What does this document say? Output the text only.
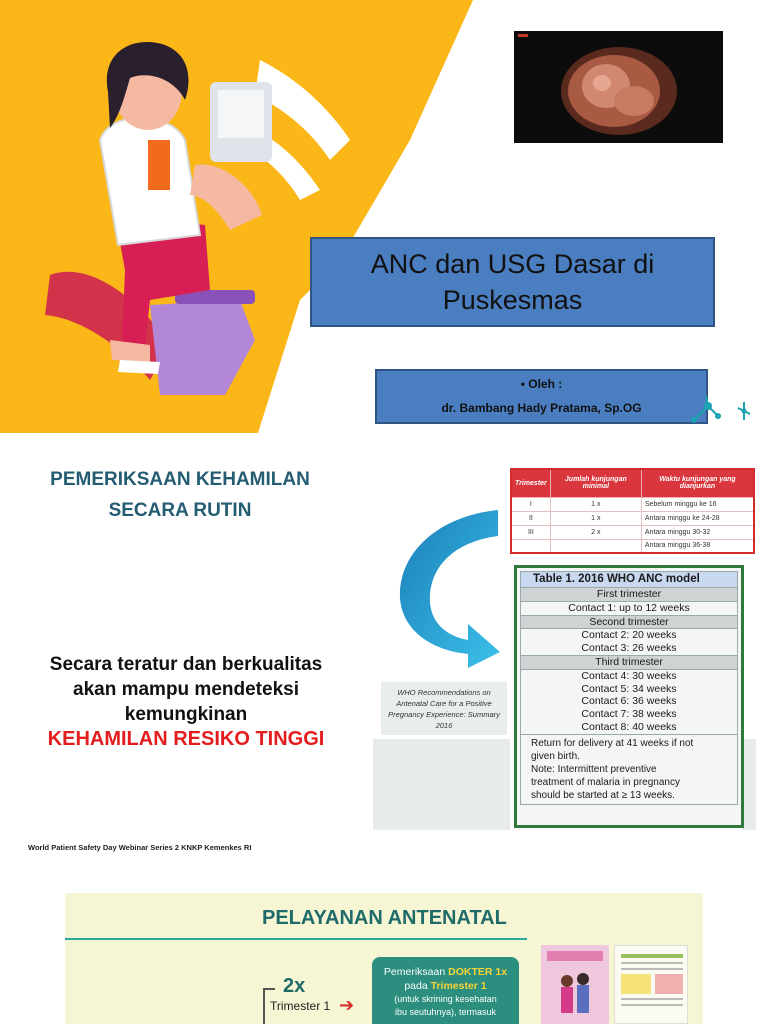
ANC dan USG Dasar di Puskesmas
• Oleh :
dr. Bambang Hady Pratama, Sp.OG
PEMERIKSAAN KEHAMILAN
SECARA RUTIN
Secara teratur dan berkualitas
akan mampu mendeteksi
kemungkinan
KEHAMILAN RESIKO TINGGI
World Patient Safety Day Webinar Series 2 KNKP Kemenkes RI
Trimester	Jumlah kunjungan minimal	Waktu kunjungan yang dianjurkan
I	1 x	Sebelum minggu ke 16
II	1 x	Antara minggu ke 24-28
III	2 x	Antara minggu 30-32
		Antara minggu 36-38
WHO Recommendations on Antenatal Care for a Positive Pregnancy Experience: Summary 2016
Table 1. 2016 WHO ANC model
First trimester
Contact 1: up to 12 weeks
Second trimester

Contact 2: 20 weeks
Contact 3: 26 weeks

Third trimester

Contact 4: 30 weeks
Contact 5: 34 weeks
Contact 6: 36 weeks
Contact 7: 38 weeks
Contact 8: 40 weeks

Return for delivery at 41 weeks if not
given birth.
Note: Intermittent preventive
treatment of malaria in pregnancy
should be started at ≥ 13 weeks.
PELAYANAN ANTENATAL
2x
Trimester 1 ➔
Pemeriksaan DOKTER 1x
pada Trimester 1
(untuk skrining kesehatan
ibu seutuhnya), termasuk
